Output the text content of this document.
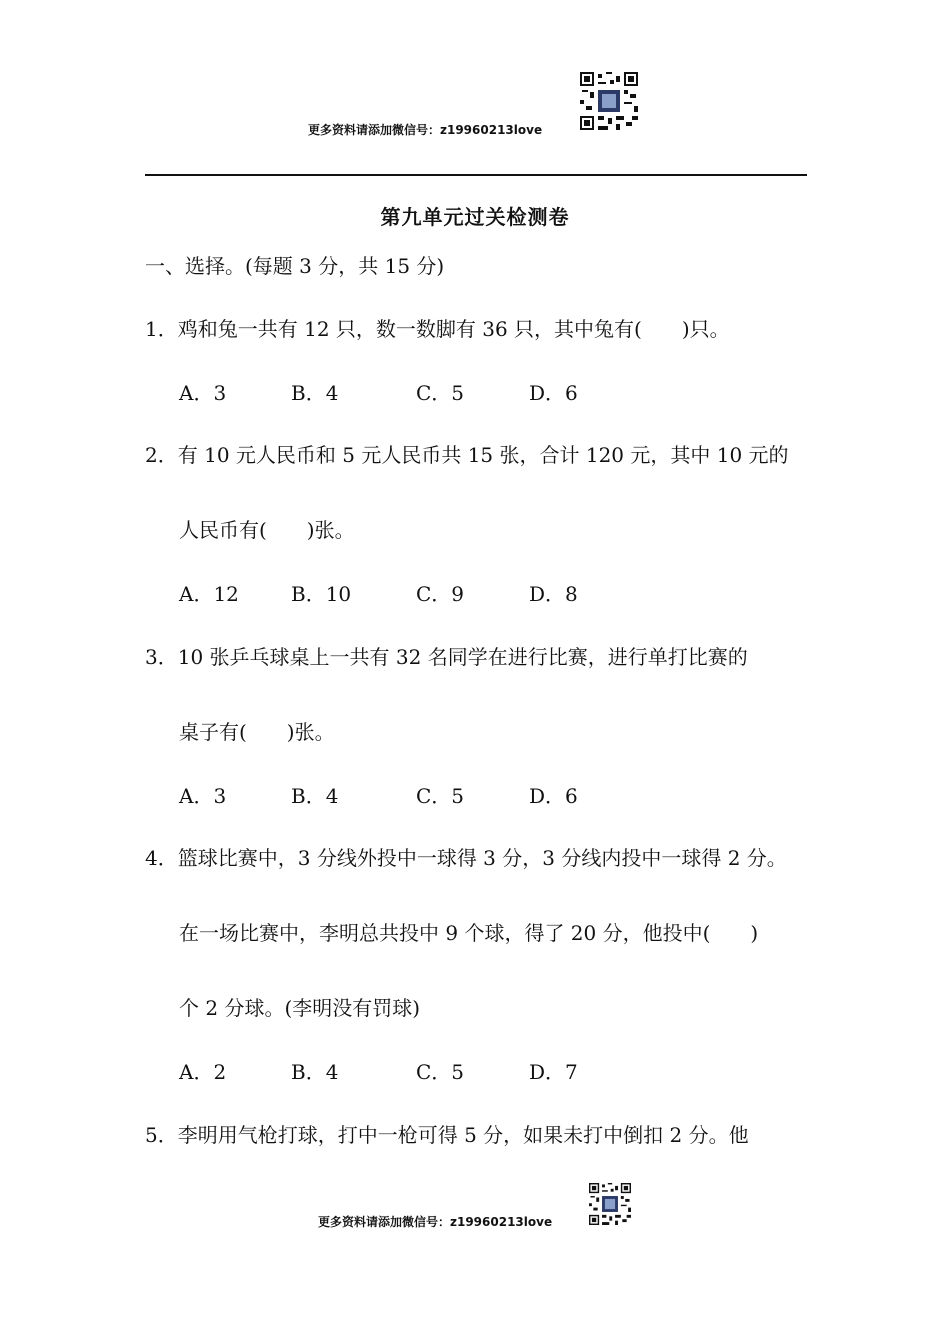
更多资料请添加微信号：z19960213love
第九单元过关检测卷
一、选择。(每题 3 分，共 15 分)
1．鸡和兔一共有 12 只，数一数脚有 36 只，其中兔有(　　)只。
A．3	B．4	C．5	D．6
2．有 10 元人民币和 5 元人民币共 15 张，合计 120 元，其中 10 元的
人民币有(　　)张。
A．12	B．10	C．9	D．8
3．10 张乒乓球桌上一共有 32 名同学在进行比赛，进行单打比赛的
桌子有(　　)张。
A．3	B．4	C．5	D．6
4．篮球比赛中，3 分线外投中一球得 3 分，3 分线内投中一球得 2 分。
在一场比赛中，李明总共投中 9 个球，得了 20 分，他投中(　　)
个 2 分球。(李明没有罚球)
A．2	B．4	C．5	D．7
5．李明用气枪打球，打中一枪可得 5 分，如果未打中倒扣 2 分。他
更多资料请添加微信号：z19960213love
